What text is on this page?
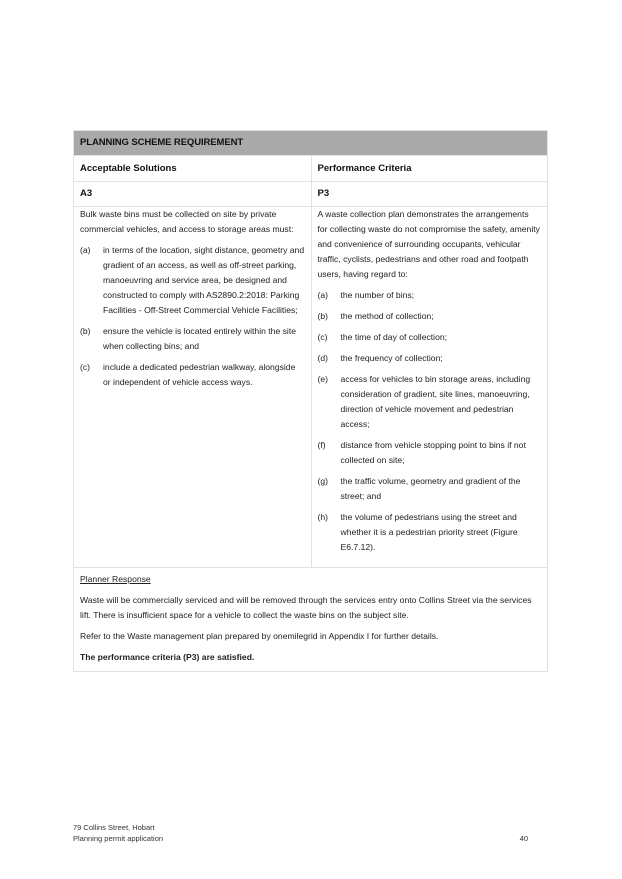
PLANNING SCHEME REQUIREMENT
Acceptable Solutions	Performance Criteria
A3	P3

Bulk waste bins must be collected on site by private commercial vehicles, and access to storage areas must:

(a)	in terms of the location, sight distance, geometry and gradient of an access, as well as off-street parking, manoeuvring and service area, be designed and constructed to comply with AS2890.2:2018: Parking Facilities - Off-Street Commercial Vehicle Facilities;
(b)	ensure the vehicle is located entirely within the site when collecting bins; and
(c)	include a dedicated pedestrian walkway, alongside or independent of vehicle access ways.

A waste collection plan demonstrates the arrangements for collecting waste do not compromise the safety, amenity and convenience of surrounding occupants, vehicular traffic, cyclists, pedestrians and other road and footpath users, having regard to:

(a)	the number of bins;
(b)	the method of collection;
(c)	the time of day of collection;
(d)	the frequency of collection;
(e)	access for vehicles to bin storage areas, including consideration of gradient, site lines, manoeuvring, direction of vehicle movement and pedestrian access;
(f)	distance from vehicle stopping point to bins if not collected on site;
(g)	the traffic volume, geometry and gradient of the street; and
(h)	the volume of pedestrians using the street and whether it is a pedestrian priority street (Figure E6.7.12).

Planner Response

Waste will be commercially serviced and will be removed through the services entry onto Collins Street via the services lift. There is insufficient space for a vehicle to collect the waste bins on the subject site.

Refer to the Waste management plan prepared by onemilegrid in Appendix I for further details.

The performance criteria (P3) are satisfied.

79 Collins Street, Hobart
Planning permit application	40
